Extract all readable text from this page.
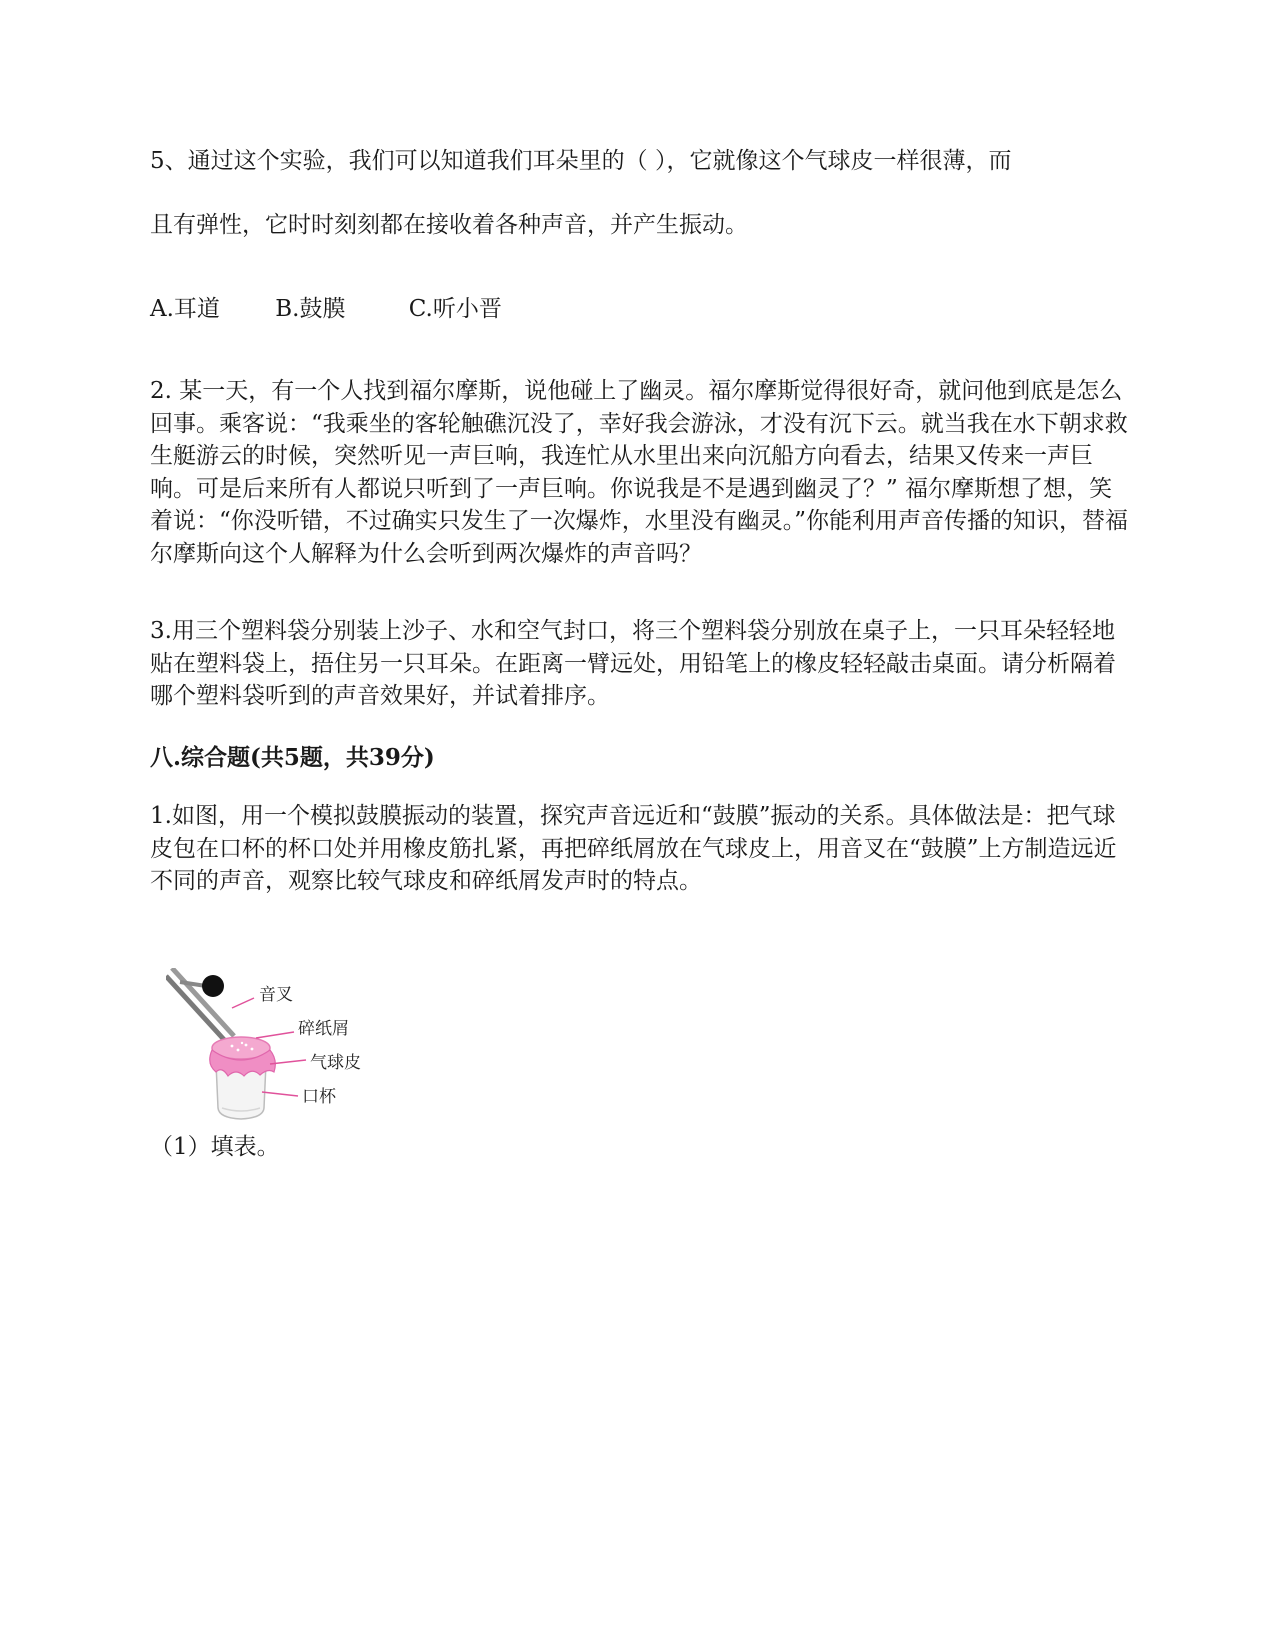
5、通过这个实验，我们可以知道我们耳朵里的（ ），它就像这个气球皮一样很薄，而
且有弹性，它时时刻刻都在接收着各种声音，并产生振动。
A.耳道 B.鼓膜	C.听小晋
2. 某一天，有一个人找到福尔摩斯，说他碰上了幽灵。福尔摩斯觉得很好奇，就问他到底是怎么回事。乘客说：“我乘坐的客轮触礁沉没了，幸好我会游泳，才没有沉下云。就当我在水下朝求救生艇游云的时候，突然听见一声巨响，我连忙从水里出来向沉船方向看去，结果又传来一声巨响。可是后来所有人都说只听到了一声巨响。你说我是不是遇到幽灵了？” 福尔摩斯想了想，笑着说：“你没听错，不过确实只发生了一次爆炸，水里没有幽灵。”你能利用声音传播的知识，替福尔摩斯向这个人解释为什么会听到两次爆炸的声音吗？
3.用三个塑料袋分别装上沙子、水和空气封口，将三个塑料袋分别放在桌子上，一只耳朵轻轻地贴在塑料袋上，捂住另一只耳朵。在距离一臂远处，用铅笔上的橡皮轻轻敲击桌面。请分析隔着哪个塑料袋听到的声音效果好，并试着排序。
八.综合题(共5题，共39分)
1.如图，用一个模拟鼓膜振动的装置，探究声音远近和“鼓膜”振动的关系。具体做法是：把气球皮包在口杯的杯口处并用橡皮筋扎紧，再把碎纸屑放在气球皮上，用音叉在“鼓膜”上方制造远近不同的声音，观察比较气球皮和碎纸屑发声时的特点。
音叉
碎纸屑
气球皮
口杯
（1）填表。
